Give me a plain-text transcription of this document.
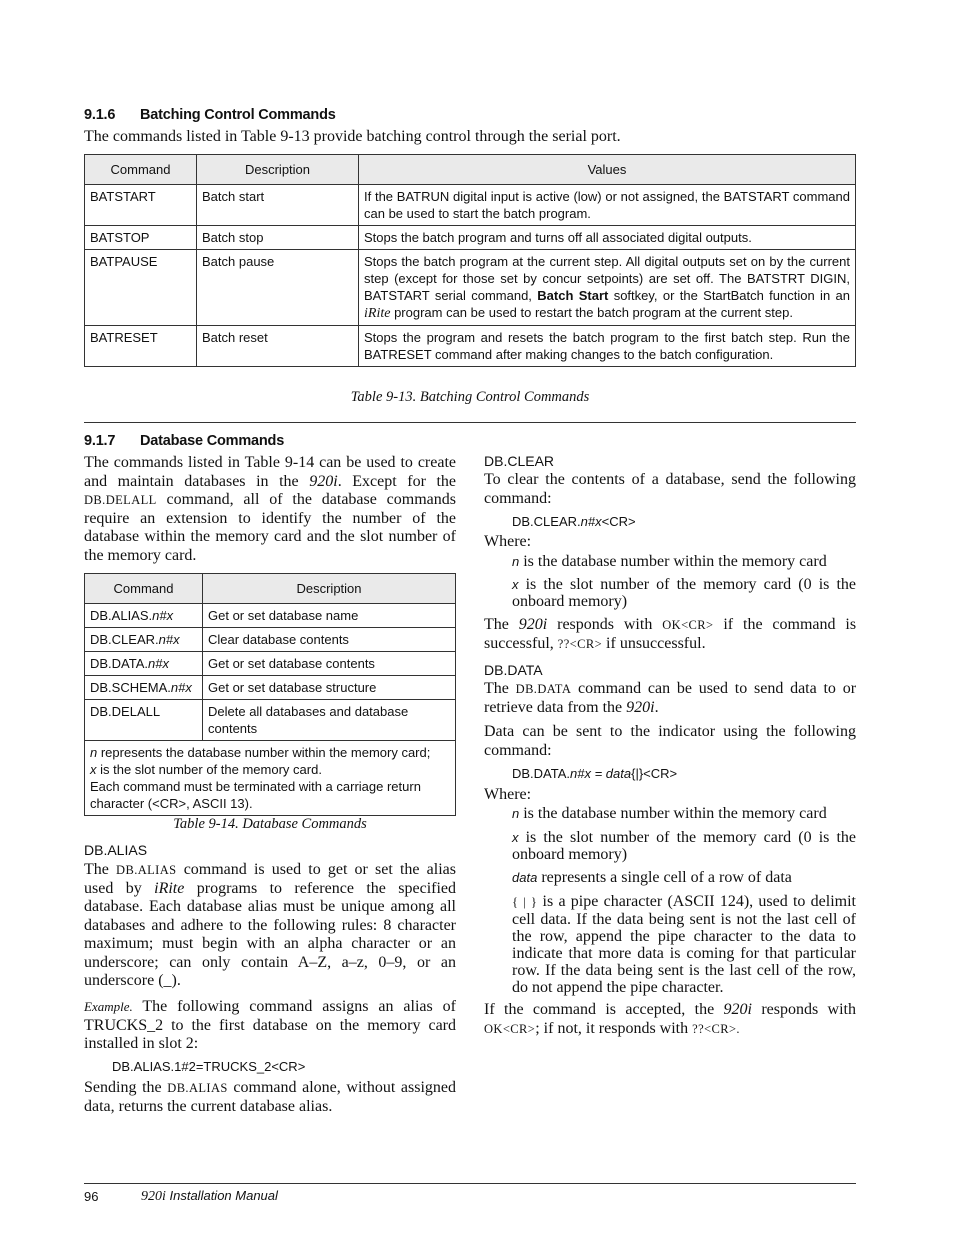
9.1.6 Batching Control Commands
The commands listed in Table 9-13 provide batching control through the serial port.
Command	Description	Values
BATSTART	Batch start	If the BATRUN digital input is active (low) or not assigned, the BATSTART command can be used to start the batch program.
BATSTOP	Batch stop	Stops the batch program and turns off all associated digital outputs.
BATPAUSE	Batch pause	Stops the batch program at the current step. All digital outputs set on by the current step (except for those set by concur setpoints) are set off. The BATSTRT DIGIN, BATSTART serial command, Batch Start softkey, or the StartBatch function in an iRite program can be used to restart the batch program at the current step.
BATRESET	Batch reset	Stops the program and resets the batch program to the first batch step. Run the BATRESET command after making changes to the batch configuration.
Table 9-13. Batching Control Commands
9.1.7 Database Commands
The commands listed in Table 9-14 can be used to create and maintain databases in the 920i. Except for the DB.DELALL command, all of the database commands require an extension to identify the number of the database within the memory card and the slot number of the memory card.
Command	Description
DB.ALIAS.n#x	Get or set database name
DB.CLEAR.n#x	Clear database contents
DB.DATA.n#x	Get or set database contents
DB.SCHEMA.n#x	Get or set database structure
DB.DELALL	Delete all databases and database contents
n represents the database number within the memory card;
x is the slot number of the memory card.
Each command must be terminated with a carriage return character (<CR>, ASCII 13).	
Table 9-14. Database Commands
DB.ALIAS
The DB.ALIAS command is used to get or set the alias used by iRite programs to reference the specified database. Each database alias must be unique among all databases and adhere to the following rules: 8 character maximum; must begin with an alpha character or an underscore; can only contain A–Z, a–z, 0–9, or an underscore (_).
Example. The following command assigns an alias of TRUCKS_2 to the first database on the memory card installed in slot 2:
DB.ALIAS.1#2=TRUCKS_2<CR>
Sending the DB.ALIAS command alone, without assigned data, returns the current database alias.
DB.CLEAR
To clear the contents of a database, send the following command:
DB.CLEAR.n#x<CR>
Where:
n is the database number within the memory card
x is the slot number of the memory card (0 is the onboard memory)
The 920i responds with OK<CR> if the command is successful, ??<CR> if unsuccessful.
DB.DATA
The DB.DATA command can be used to send data to or retrieve data from the 920i.
Data can be sent to the indicator using the following command:
DB.DATA.n#x = data{|}<CR>
Where:
n is the database number within the memory card
x is the slot number of the memory card (0 is the onboard memory)
data represents a single cell of a row of data
{ | } is a pipe character (ASCII 124), used to delimit cell data. If the data being sent is not the last cell of the row, append the pipe character to the data to indicate that more data is coming for that particular row. If the data being sent is the last cell of the row, do not append the pipe character.
If the command is accepted, the 920i responds with OK<CR>; if not, it responds with ??<CR>.
96	920i Installation Manual
